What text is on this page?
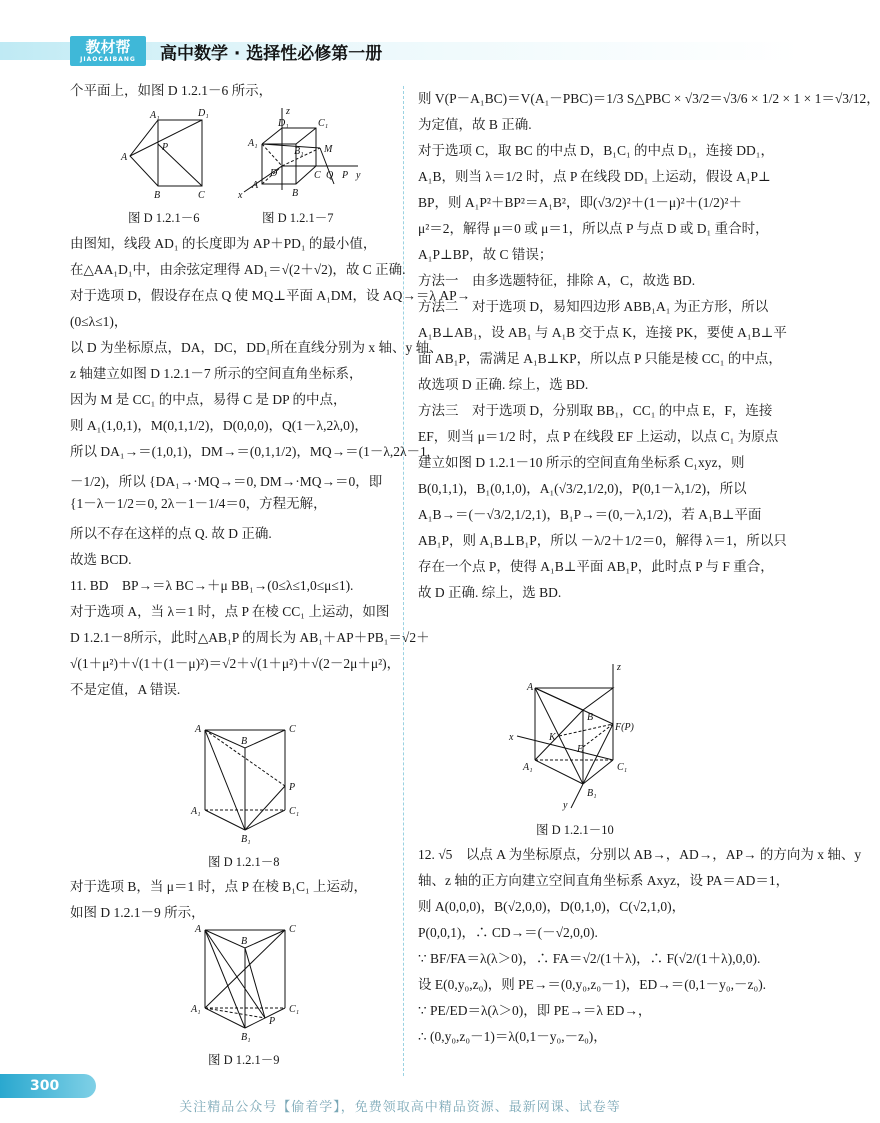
教材帮
JIAOCAIBANG	高中数学 · 选择性必修第一册

个平面上，如图 D 1.2.1－6 所示，

A₁	D₁
A
P
B	C
z
A₁
D₁
B₁
C₁
M
A
D
x	B
C Q P y
图 D 1.2.1－6	图 D 1.2.1－7

由图知，线段 AD₁ 的长度即为 AP＋PD₁ 的最小值，

在△AA₁D₁中，由余弦定理得 AD₁＝√(2＋√2)，故 C 正确.

对于选项 D，假设存在点 Q 使 MQ⊥平面 A₁DM，设 AQ→＝λ AP→

(0≤λ≤1)，

以 D 为坐标原点，DA，DC，DD₁所在直线分别为 x 轴、y 轴、

z 轴建立如图 D 1.2.1－7 所示的空间直角坐标系，

因为 M 是 CC₁ 的中点，易得 C 是 DP 的中点，

则 A₁(1,0,1)，M(0,1,1/2)，D(0,0,0)，Q(1－λ,2λ,0)，

所以 DA₁→＝(1,0,1)，DM→＝(0,1,1/2)，MQ→＝(1－λ,2λ－1,

－1/2)，所以 {DA₁→·MQ→＝0, DM→·MQ→＝0，即 {1－λ－1/2＝0, 2λ－1－1/4＝0，方程无解，

所以不存在这样的点 Q. 故 D 正确.

故选 BCD.

11. BD　BP→＝λ BC→＋μ BB₁→(0≤λ≤1,0≤μ≤1).

对于选项 A，当 λ＝1 时，点 P 在棱 CC₁ 上运动，如图

D 1.2.1－8所示，此时△AB₁P 的周长为 AB₁＋AP＋PB₁＝√2＋

√(1＋μ²)＋√(1＋(1－μ)²)＝√2＋√(1＋μ²)＋√(2－2μ＋μ²)，

不是定值，A 错误.

A	C
B
P
A₁	C₁
B₁
图 D 1.2.1－8

对于选项 B，当 μ＝1 时，点 P 在棱 B₁C₁ 上运动，

如图 D 1.2.1－9 所示，

A	C
B
P
A₁	C₁
B₁
图 D 1.2.1－9

则 V(P－A₁BC)＝V(A₁－PBC)＝1/3 S△PBC × √3/2＝√3/6 × 1/2 × 1 × 1＝√3/12，

为定值，故 B 正确.

对于选项 C，取 BC 的中点 D，B₁C₁ 的中点 D₁，连接 DD₁，

A₁B，则当 λ＝1/2 时，点 P 在线段 DD₁ 上运动，假设 A₁P⊥

BP，则 A₁P²＋BP²＝A₁B²，即(√3/2)²＋(1－μ)²＋(1/2)²＋

μ²＝2，解得 μ＝0 或 μ＝1，所以点 P 与点 D 或 D₁ 重合时，

A₁P⊥BP，故 C 错误；

方法一　由多选题特征，排除 A，C，故选 BD.

方法二　对于选项 D，易知四边形 ABB₁A₁ 为正方形，所以

A₁B⊥AB₁，设 AB₁ 与 A₁B 交于点 K，连接 PK，要使 A₁B⊥平

面 AB₁P，需满足 A₁B⊥KP，所以点 P 只能是棱 CC₁ 的中点，

故选项 D 正确. 综上，选 BD.

方法三　对于选项 D，分别取 BB₁，CC₁ 的中点 E，F，连接

EF，则当 μ＝1/2 时，点 P 在线段 EF 上运动，以点 C₁ 为原点

建立如图 D 1.2.1－10 所示的空间直角坐标系 C₁xyz，则

B(0,1,1)，B₁(0,1,0)，A₁(√3/2,1/2,0)，P(0,1－λ,1/2)，所以

A₁B→＝(－√3/2,1/2,1)，B₁P→＝(0,－λ,1/2)，若 A₁B⊥平面

AB₁P，则 A₁B⊥B₁P，所以 －λ/2＋1/2＝0，解得 λ＝1，所以只

存在一个点 P，使得 A₁B⊥平面 AB₁P，此时点 P 与 F 重合，

故 D 正确. 综上，选 BD.

z
A
B
F(P)
x	K
E
A₁	C₁
B₁
y
图 D 1.2.1－10

12. √5　以点 A 为坐标原点，分别以 AB→，AD→，AP→ 的方向为 x 轴、y

轴、z 轴的正方向建立空间直角坐标系 Axyz，设 PA＝AD＝1，

则 A(0,0,0)，B(√2,0,0)，D(0,1,0)，C(√2,1,0)，

P(0,0,1)，∴ CD→＝(－√2,0,0).

∵ BF/FA＝λ(λ＞0)，∴ FA＝√2/(1＋λ)，∴ F(√2/(1＋λ),0,0).

设 E(0,y₀,z₀)，则 PE→＝(0,y₀,z₀－1)，ED→＝(0,1－y₀,－z₀).

∵ PE/ED＝λ(λ＞0)，即 PE→＝λ ED→，

∴ (0,y₀,z₀－1)＝λ(0,1－y₀,－z₀)，

300
关注精品公众号【偷着学】，免费领取高中精品资源、最新网课、试卷等
